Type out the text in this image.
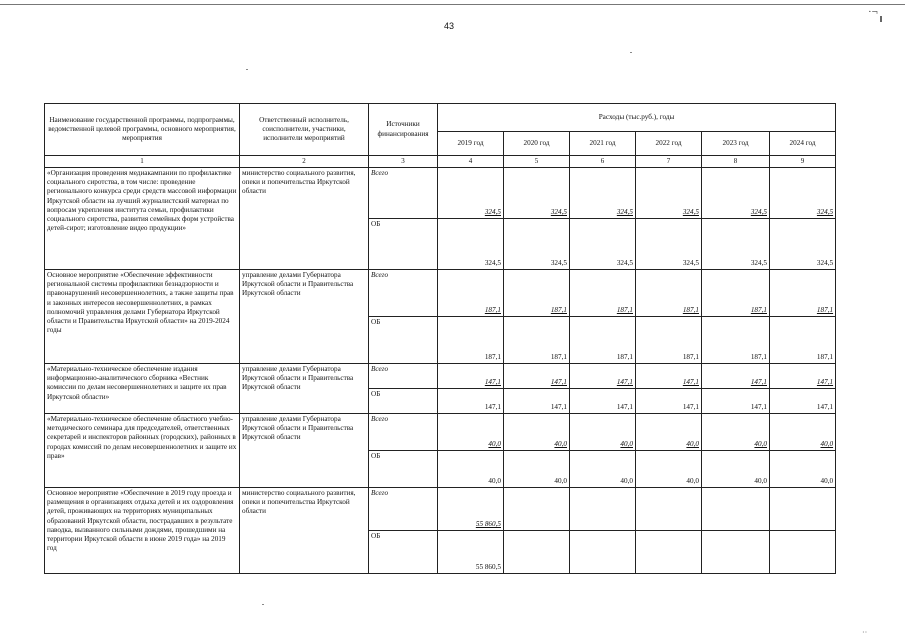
43
·¬
··
Наименование государственной программы, подпрограммы, ведомственной целевой программы, основного мероприятия, мероприятия	Ответственный исполнитель, соисполнители, участники, исполнители мероприятий	Источники финансирования	Расходы (тыс.руб.), годы					
			2019 год	2020 год	2021 год	2022 год	2023 год	2024 год
1	2	3	4	5	6	7	8	9
«Организация проведения медиакампании по профилактике социального сиротства, в том числе: проведение регионального конкурса среди средств массовой информации Иркутской области на лучший журналистский материал по вопросам укрепления института семьи, профилактики социального сиротства, развития семейных форм устройства детей-сирот; изготовление видео продукции»	министерство социального развития, опеки и попечительства Иркутской области	Всего	324,5	324,5	324,5	324,5	324,5	324,5
		ОБ	324,5	324,5	324,5	324,5	324,5	324,5
Основное мероприятие «Обеспечение эффективности региональной системы профилактики безнадзорности и правонарушений несовершеннолетних, а также защиты прав и законных интересов несовершеннолетних, в рамках полномочий управления делами Губернатора Иркутской области и Правительства Иркутской области» на 2019-2024 годы	управление делами Губернатора Иркутской области и Правительства Иркутской области	Всего	187,1	187,1	187,1	187,1	187,1	187,1
		ОБ	187,1	187,1	187,1	187,1	187,1	187,1
«Материально-техническое обеспечение издания информационно-аналитического сборника «Вестник комиссии по делам несовершеннолетних и защите их прав Иркутской области»	управление делами Губернатора Иркутской области и Правительства Иркутской области	Всего	147,1	147,1	147,1	147,1	147,1	147,1
		ОБ	147,1	147,1	147,1	147,1	147,1	147,1
«Материально-техническое обеспечение областного учебно-методического семинара для председателей, ответственных секретарей и инспекторов районных (городских), районных в городах комиссий по делам несовершеннолетних и защите их прав»	управление делами Губернатора Иркутской области и Правительства Иркутской области	Всего	40,0	40,0	40,0	40,0	40,0	40,0
		ОБ	40,0	40,0	40,0	40,0	40,0	40,0
Основное мероприятие «Обеспечение в 2019 году проезда и размещения в организациях отдыха детей и их оздоровления детей, проживающих на территориях муниципальных образований Иркутской области, пострадавших в результате паводка, вызванного сильными дождями, прошедшими на территории Иркутской области в июне 2019 года» на 2019 год	министерство социального развития, опеки и попечительства Иркутской области	Всего	55 860,5					
		ОБ	55 860,5					
